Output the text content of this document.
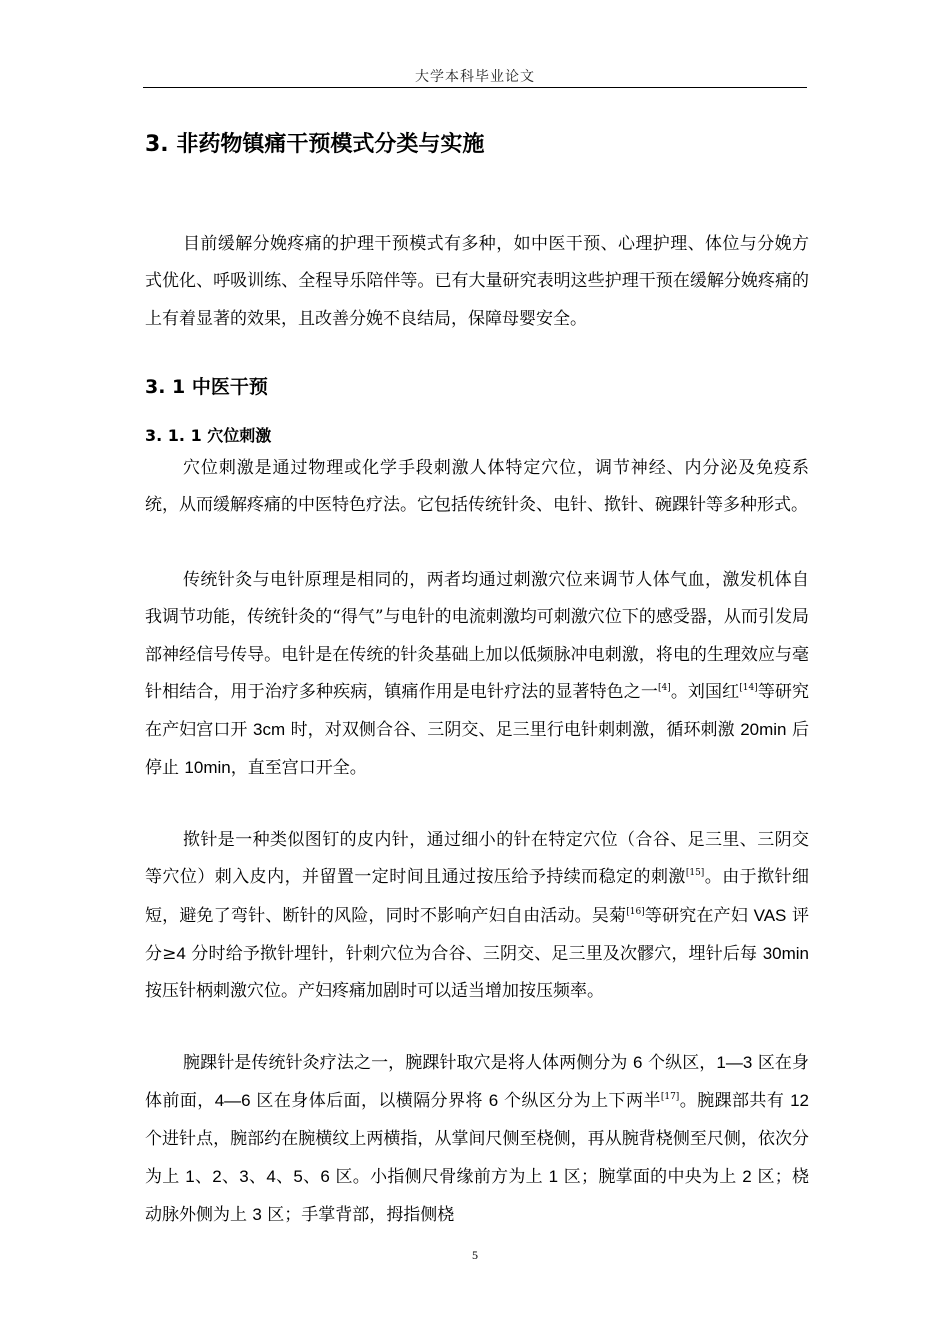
大学本科毕业论文
3. 非药物镇痛干预模式分类与实施

目前缓解分娩疼痛的护理干预模式有多种，如中医干预、心理护理、体位与分娩方式优化、呼吸训练、全程导乐陪伴等。已有大量研究表明这些护理干预在缓解分娩疼痛的上有着显著的效果，且改善分娩不良结局，保障母婴安全。

3. 1 中医干预
3. 1. 1 穴位刺激

穴位刺激是通过物理或化学手段刺激人体特定穴位，调节神经、内分泌及免疫系统，从而缓解疼痛的中医特色疗法。它包括传统针灸、电针、揿针、碗踝针等多种形式。

传统针灸与电针原理是相同的，两者均通过刺激穴位来调节人体气血，激发机体自我调节功能，传统针灸的“得气”与电针的电流刺激均可刺激穴位下的感受器，从而引发局部神经信号传导。电针是在传统的针灸基础上加以低频脉冲电刺激，将电的生理效应与毫针相结合，用于治疗多种疾病，镇痛作用是电针疗法的显著特色之一[4]。刘国红[14]等研究在产妇宫口开 3cm 时，对双侧合谷、三阴交、足三里行电针刺刺激，循环刺激 20min 后停止 10min，直至宫口开全。

揿针是一种类似图钉的皮内针，通过细小的针在特定穴位（合谷、足三里、三阴交等穴位）刺入皮内，并留置一定时间且通过按压给予持续而稳定的刺激[15]。由于揿针细短，避免了弯针、断针的风险，同时不影响产妇自由活动。吴菊[16]等研究在产妇 VAS 评分≥4 分时给予揿针埋针，针刺穴位为合谷、三阴交、足三里及次髎穴，埋针后每 30min 按压针柄刺激穴位。产妇疼痛加剧时可以适当增加按压频率。

腕踝针是传统针灸疗法之一，腕踝针取穴是将人体两侧分为 6 个纵区，1—3 区在身体前面，4—6 区在身体后面，以横隔分界将 6 个纵区分为上下两半[17]。腕踝部共有 12 个进针点，腕部约在腕横纹上两横指，从掌间尺侧至桡侧，再从腕背桡侧至尺侧，依次分为上 1、2、3、4、5、6 区。小指侧尺骨缘前方为上 1 区；腕掌面的中央为上 2 区；桡动脉外侧为上 3 区；手掌背部，拇指侧桡

5
